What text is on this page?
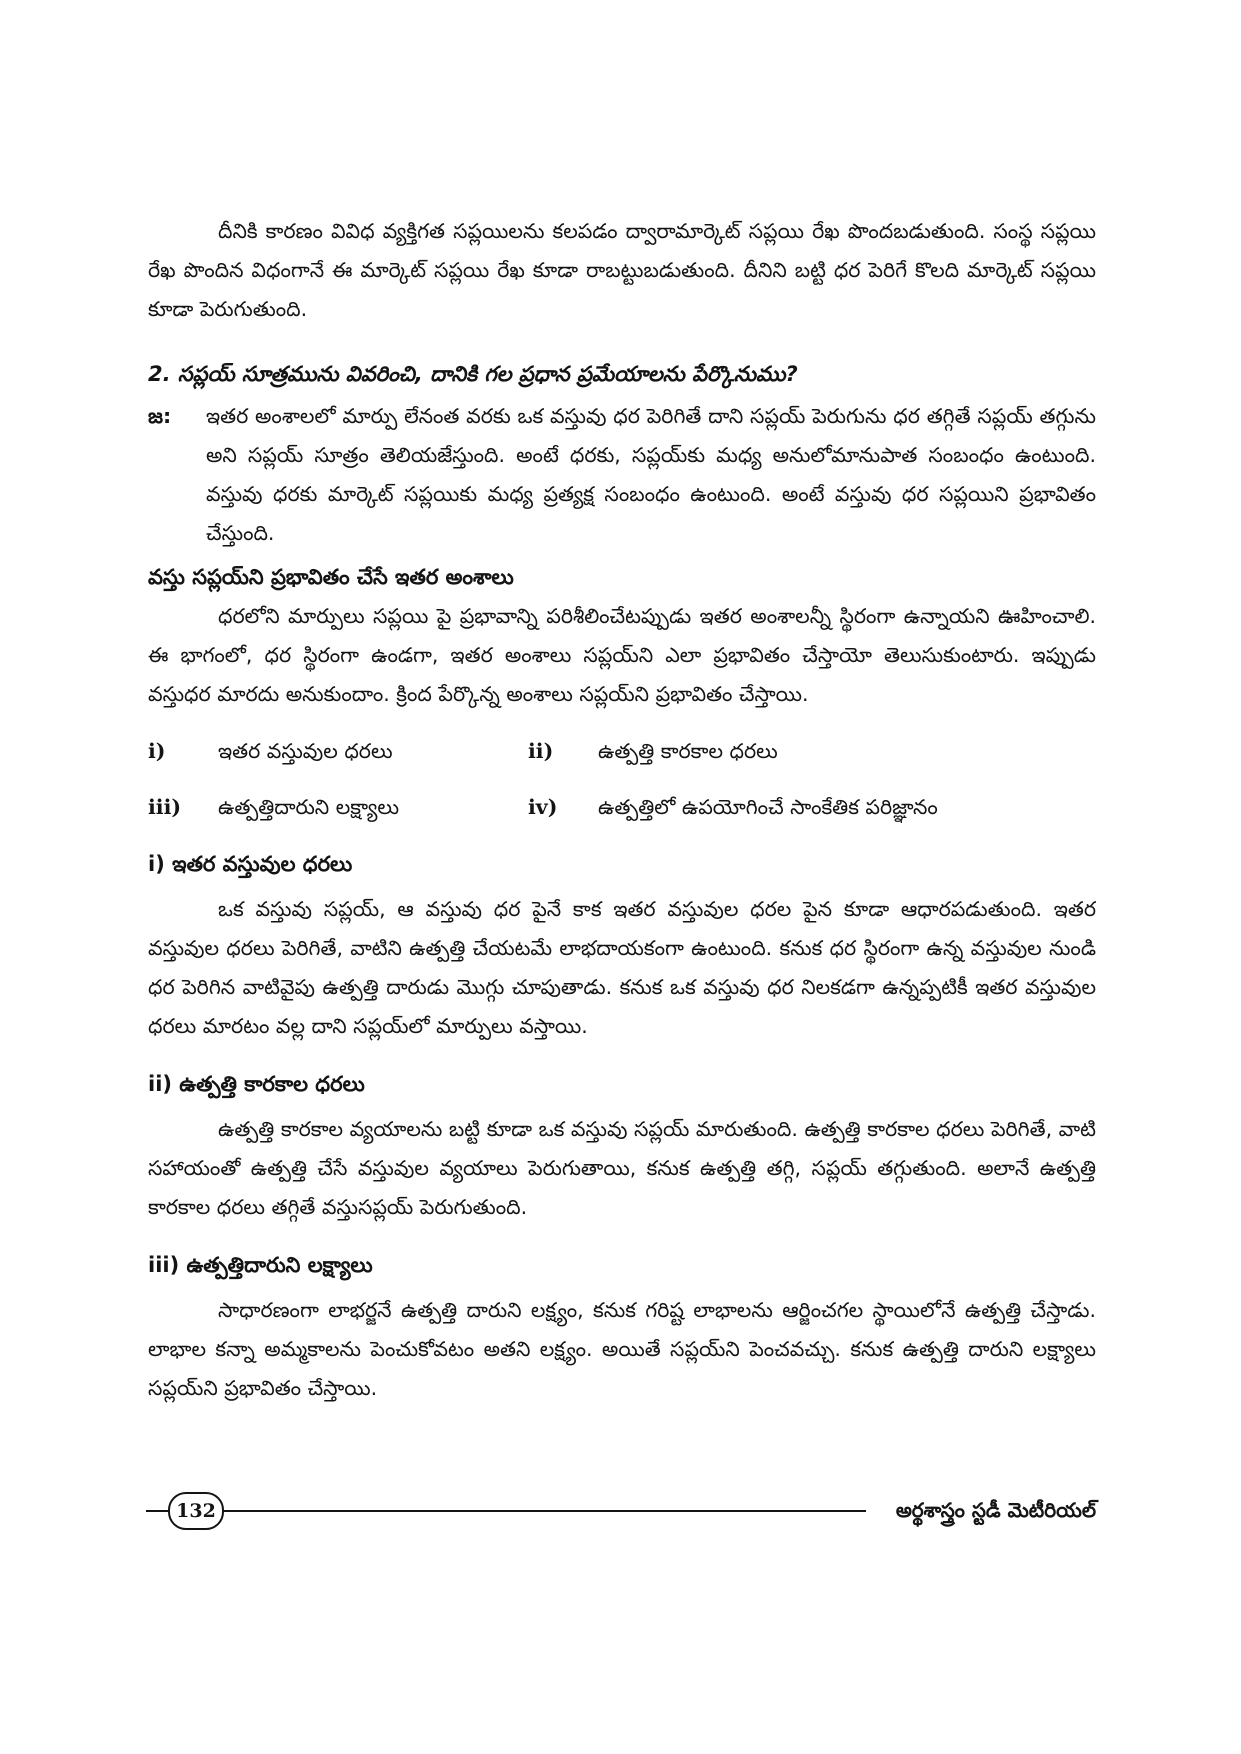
దీనికి కారణం వివిధ వ్యక్తిగత సప్లయిలను కలపడం ద్వారామార్కెట్ సప్లయి రేఖ పొందబడుతుంది. సంస్థ సప్లయి రేఖ పొందిన విధంగానే ఈ మార్కెట్ సప్లయి రేఖ కూడా రాబట్టుబడుతుంది. దీనిని బట్టి ధర పెరిగే కొలది మార్కెట్ సప్లయి కూడా పెరుగుతుంది.

2. సప్లయ్ సూత్రమును వివరించి, దానికి గల ప్రధాన ప్రమేయాలను పేర్కొనుము?
జ:	ఇతర అంశాలలో మార్పు లేనంత వరకు ఒక వస్తువు ధర పెరిగితే దాని సప్లయ్ పెరుగును ధర తగ్గితే సప్లయ్ తగ్గును అని సప్లయ్ సూత్రం తెలియజేస్తుంది. అంటే ధరకు, సప్లయ్‌కు మధ్య అనులోమానుపాత సంబంధం ఉంటుంది. వస్తువు ధరకు మార్కెట్ సప్లయికు మధ్య ప్రత్యక్ష సంబంధం ఉంటుంది. అంటే వస్తువు ధర సప్లయిని ప్రభావితం చేస్తుంది.

వస్తు సప్లయ్‌ని ప్రభావితం చేసే ఇతర అంశాలు

ధరలోని మార్పులు సప్లయి పై ప్రభావాన్ని పరిశీలించేటప్పుడు ఇతర అంశాలన్నీ స్థిరంగా ఉన్నాయని ఊహించాలి. ఈ భాగంలో, ధర స్థిరంగా ఉండగా, ఇతర అంశాలు సప్లయ్‌ని ఎలా ప్రభావితం చేస్తాయో తెలుసుకుంటారు. ఇప్పుడు వస్తుధర మారదు అనుకుందాం. క్రింద పేర్కొన్న అంశాలు సప్లయ్‌ని ప్రభావితం చేస్తాయి.

i)	ఇతర వస్తువుల ధరలు	ii)	ఉత్పత్తి కారకాల ధరలు
iii)	ఉత్పత్తిదారుని లక్ష్యాలు	iv)	ఉత్పత్తిలో ఉపయోగించే సాంకేతిక పరిజ్ఞానం
i) ఇతర వస్తువుల ధరలు

ఒక వస్తువు సప్లయ్, ఆ వస్తువు ధర పైనే కాక ఇతర వస్తువుల ధరల పైన కూడా ఆధారపడుతుంది. ఇతర వస్తువుల ధరలు పెరిగితే, వాటిని ఉత్పత్తి చేయటమే లాభదాయకంగా ఉంటుంది. కనుక ధర స్థిరంగా ఉన్న వస్తువుల నుండి ధర పెరిగిన వాటివైపు ఉత్పత్తి దారుడు మొగ్గు చూపుతాడు. కనుక ఒక వస్తువు ధర నిలకడగా ఉన్నప్పటికీ ఇతర వస్తువుల ధరలు మారటం వల్ల దాని సప్లయ్‌లో మార్పులు వస్తాయి.

ii) ఉత్పత్తి కారకాల ధరలు

ఉత్పత్తి కారకాల వ్యయాలను బట్టి కూడా ఒక వస్తువు సప్లయ్ మారుతుంది. ఉత్పత్తి కారకాల ధరలు పెరిగితే, వాటి సహాయంతో ఉత్పత్తి చేసే వస్తువుల వ్యయాలు పెరుగుతాయి, కనుక ఉత్పత్తి తగ్గి, సప్లయ్ తగ్గుతుంది. అలానే ఉత్పత్తి కారకాల ధరలు తగ్గితే వస్తుసప్లయ్ పెరుగుతుంది.

iii) ఉత్పత్తిదారుని లక్ష్యాలు

సాధారణంగా లాభర్జనే ఉత్పత్తి దారుని లక్ష్యం, కనుక గరిష్ట లాభాలను ఆర్జించగల స్థాయిలోనే ఉత్పత్తి చేస్తాడు. లాభాల కన్నా అమ్మకాలను పెంచుకోవటం అతని లక్ష్యం. అయితే సప్లయ్‌ని పెంచవచ్చు. కనుక ఉత్పత్తి దారుని లక్ష్యాలు సప్లయ్‌ని ప్రభావితం చేస్తాయి.

132	అర్థశాస్త్రం స్టడీ మెటీరియల్
